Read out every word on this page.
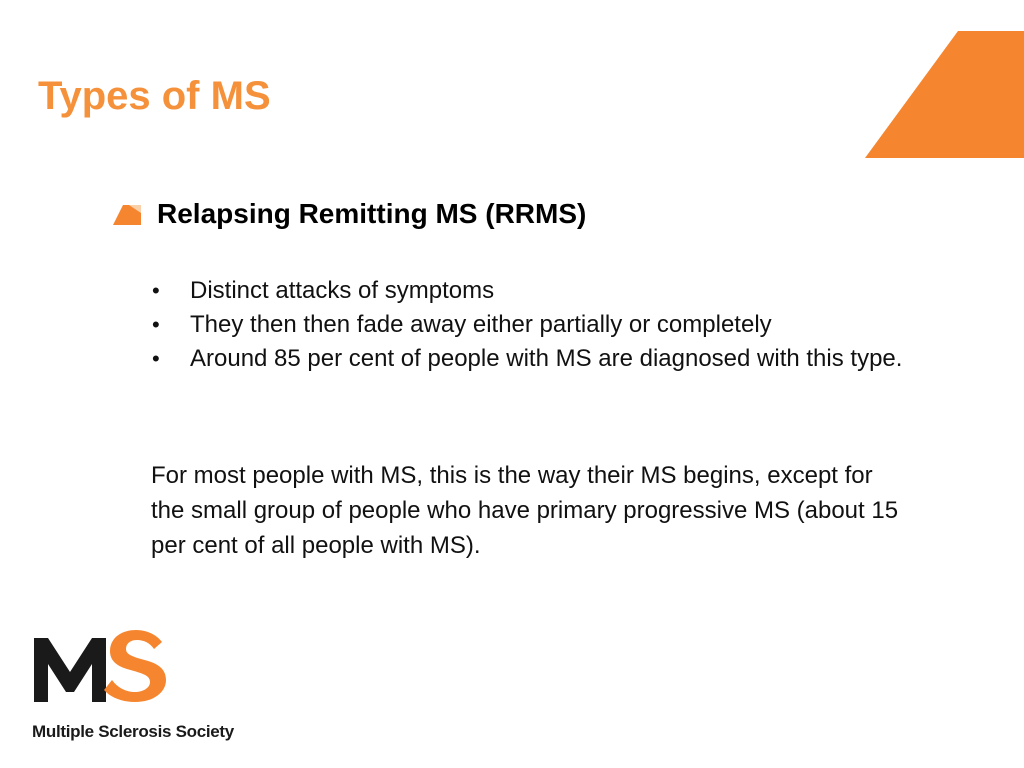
Types of MS
Relapsing Remitting MS (RRMS)
• Distinct attacks of symptoms
• They then then fade away either partially or completely
• Around 85 per cent of people with MS are diagnosed with this type.

For most people with MS, this is the way their MS begins, except for the small group of people who have primary progressive MS (about 15 per cent of all people with MS).

Multiple Sclerosis Society
